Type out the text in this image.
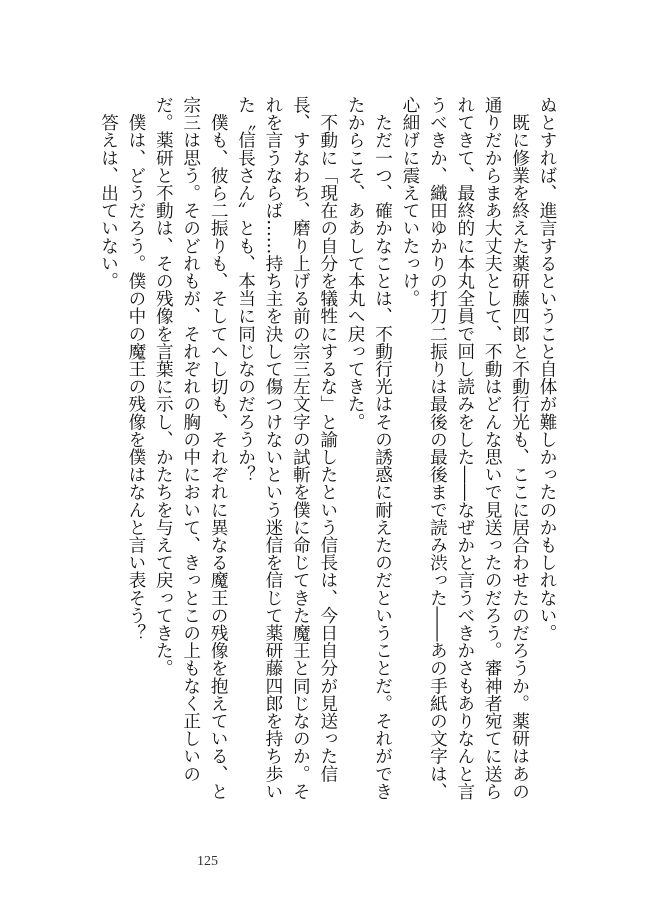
ぬとすれば、進言するということ自体が難しかったのかもしれない。

　既に修業を終えた薬研藤四郎と不動行光も、ここに居合わせたのだろうか。薬研はあの通りだからまあ大丈夫として、不動はどんな思いで見送ったのだろう。審神者宛てに送られてきて、最終的に本丸全員で回し読みをした――なぜかと言うべきかさもありなんと言うべきか、織田ゆかりの打刀二振りは最後の最後まで読み渋った――あの手紙の文字は、心細げに震えていたっけ。

　ただ一つ、確かなことは、不動行光はその誘惑に耐えたのだということだ。それができたからこそ、ああして本丸へ戻ってきた。

　不動に「現在の自分を犠牲にするな」と諭したという信長は、今日自分が見送った信長、すなわち、磨り上げる前の宗三左文字の試斬を僕に命じてきた魔王と同じなのか。それを言うならば……持ち主を決して傷つけないという迷信を信じて薬研藤四郎を持ち歩いた〝信長さん〟とも、本当に同じなのだろうか？

　僕も、彼ら二振りも、そしてへし切も、それぞれに異なる魔王の残像を抱えている、と宗三は思う。そのどれもが、それぞれの胸の中において、きっとこの上もなく正しいのだ。薬研と不動は、その残像を言葉に示し、かたちを与えて戻ってきた。

　僕は、どうだろう。僕の中の魔王の残像を僕はなんと言い表そう？

　答えは、出ていない。

125
